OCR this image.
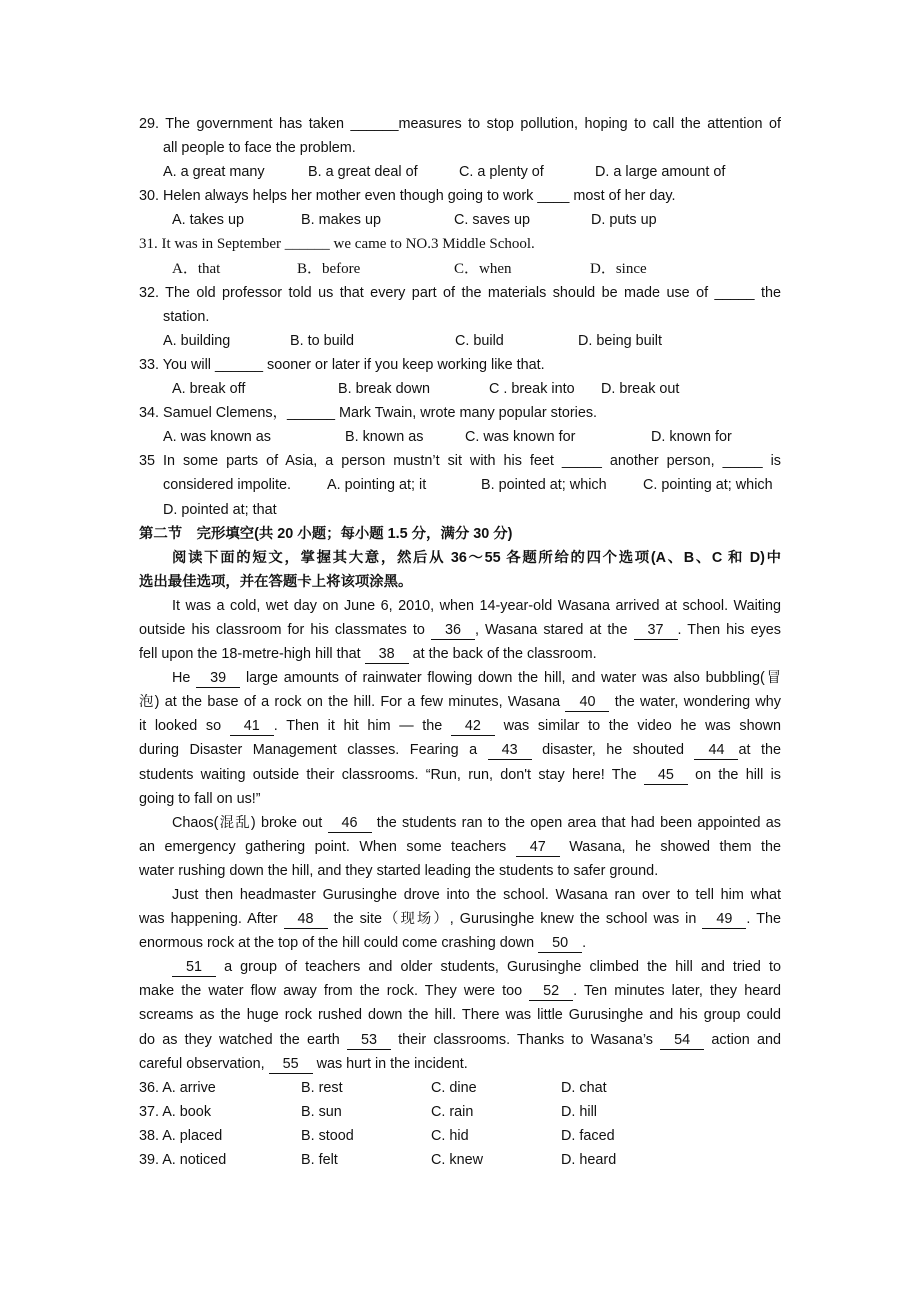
29. The government has taken ______measures to stop pollution, hoping to call the attention of
all people to face the problem.
A. a great many	B. a great deal of	C. a plenty of	D. a large amount of
30. Helen always helps her mother even though going to work ____ most of her day.
A. takes up	B. makes up	C. saves up	D. puts up
31. It was in September ______ we came to NO.3 Middle School.
A．that	B．before	C．when	D．since
32. The old professor told us that every part of the materials should be made use of _____ the
station.
A. building	B. to build	C. build	D. being built
33. You will ______ sooner or later if you keep working like that.
A. break off	B. break down	C . break into D. break out
34. Samuel Clemens，______ Mark Twain, wrote many popular stories.
A. was known as	B. known as	C. was known for	D. known for
35 In some parts of Asia, a person mustn’t sit with his feet _____ another person, _____ is
considered impolite.	A. pointing at; it	B. pointed at; which	C. pointing at; which
D. pointed at; that
第二节　完形填空(共 20 小题；每小题 1.5 分，满分 30 分)
阅读下面的短文，掌握其大意，然后从 36～55 各题所给的四个选项(A、B、C 和 D)中
选出最佳选项，并在答题卡上将该项涂黑。
It was a cold, wet day on June 6, 2010, when 14-year-old Wasana arrived at school. Waiting
outside his classroom for his classmates to 36 , Wasana stared at the 37 . Then his eyes
fell upon the 18-metre-high hill that 38 at the back of the classroom.
He 39 large amounts of rainwater flowing down the hill, and water was also bubbling(冒
泡) at the base of a rock on the hill. For a few minutes, Wasana 40 the water, wondering why
it looked so 41 . Then it hit him — the 42 was similar to the video he was shown
during Disaster Management classes. Fearing a 43 disaster, he shouted 44 at the
students waiting outside their classrooms. “Run, run, don't stay here! The 45 on the hill is
going to fall on us!”
Chaos(混乱) broke out 46 the students ran to the open area that had been appointed as
an emergency gathering point. When some teachers 47 Wasana, he showed them the
water rushing down the hill, and they started leading the students to safer ground.
Just then headmaster Gurusinghe drove into the school. Wasana ran over to tell him what
was happening. After 48 the site（现场）, Gurusinghe knew the school was in 49 . The
enormous rock at the top of the hill could come crashing down 50 .
51 a group of teachers and older students, Gurusinghe climbed the hill and tried to
make the water flow away from the rock. They were too 52 . Ten minutes later, they heard
screams as the huge rock rushed down the hill. There was little Gurusinghe and his group could
do as they watched the earth 53 their classrooms. Thanks to Wasana’s 54 action and
careful observation, 55 was hurt in the incident.
36. A. arrive	B. rest	C. dine	D. chat
37. A. book	B. sun	C. rain	D. hill
38. A. placed	B. stood	C. hid	D. faced
39. A. noticed	B. felt	C. knew	D. heard
